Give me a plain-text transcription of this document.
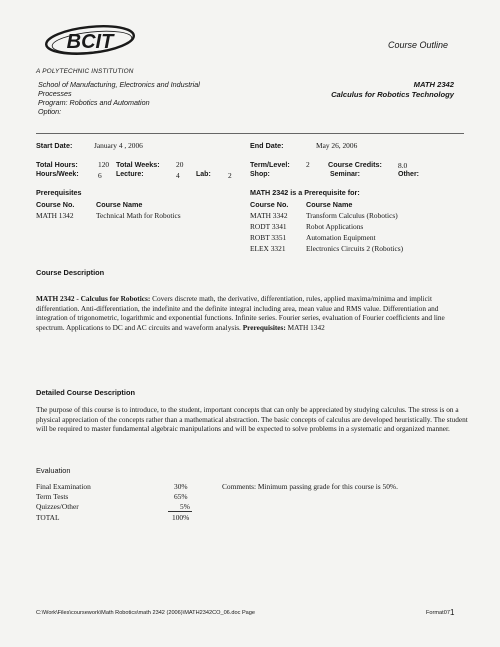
BCIT	Course Outline
A POLYTECHNIC INSTITUTION
School of Manufacturing, Electronics and Industrial
Processes
Program: Robotics and Automation
Option:
MATH 2342
Calculus for Robotics Technology
Start Date:	January 4 , 2006	End Date:	May 26, 2006
Total Hours:	120 Total Weeks: 20	Term/Level: 2	Course Credits: 8.0
Hours/Week:	6 Lecture:	4 Lab: 2	Shop:	Seminar:	Other:
Prerequisites
Course No.	Course Name
MATH 1342	Technical Math for Robotics
MATH 2342 is a Prerequisite for:
Course No. Course Name
MATH 3342 Transform Calculus (Robotics)
RODT 3341	Robot Applications
ROBT 3351	Automation Equipment
ELEX 3321	Electronics Circuits 2 (Robotics)
Course Description
MATH 2342 - Calculus for Robotics: Covers discrete math, the derivative, differentiation, rules, applied maxima/minima and implicit differentiation. Anti-differentiation, the indefinite and the definite integral including area, mean value and RMS value. Differentiation and integration of trigonometric, logarithmic and exponential functions. Infinite series. Fourier series, evaluation of Fourier coefficients and line spectrum. Applications to DC and AC circuits and waveform analysis. Prerequisites: MATH 1342
Detailed Course Description
The purpose of this course is to introduce, to the student, important concepts that can only be appreciated by studying calculus. The stress is on a physical appreciation of the concepts rather than a mathematical abstraction. The basic concepts of calculus are developed heuristically. The student will be required to master fundamental algebraic manipulations and will be expected to solve problems in a systematic and organized manner.
Evaluation
Final Examination	30%
Term Tests	65%
Quizzes/Other	5%
TOTAL	100%
Comments: Minimum passing grade for this course is 50%.
C:\Work\Files\coursework\Math Robotics\math 2342 (2006)\MATH2342CO_06.doc Page	Format07 1
